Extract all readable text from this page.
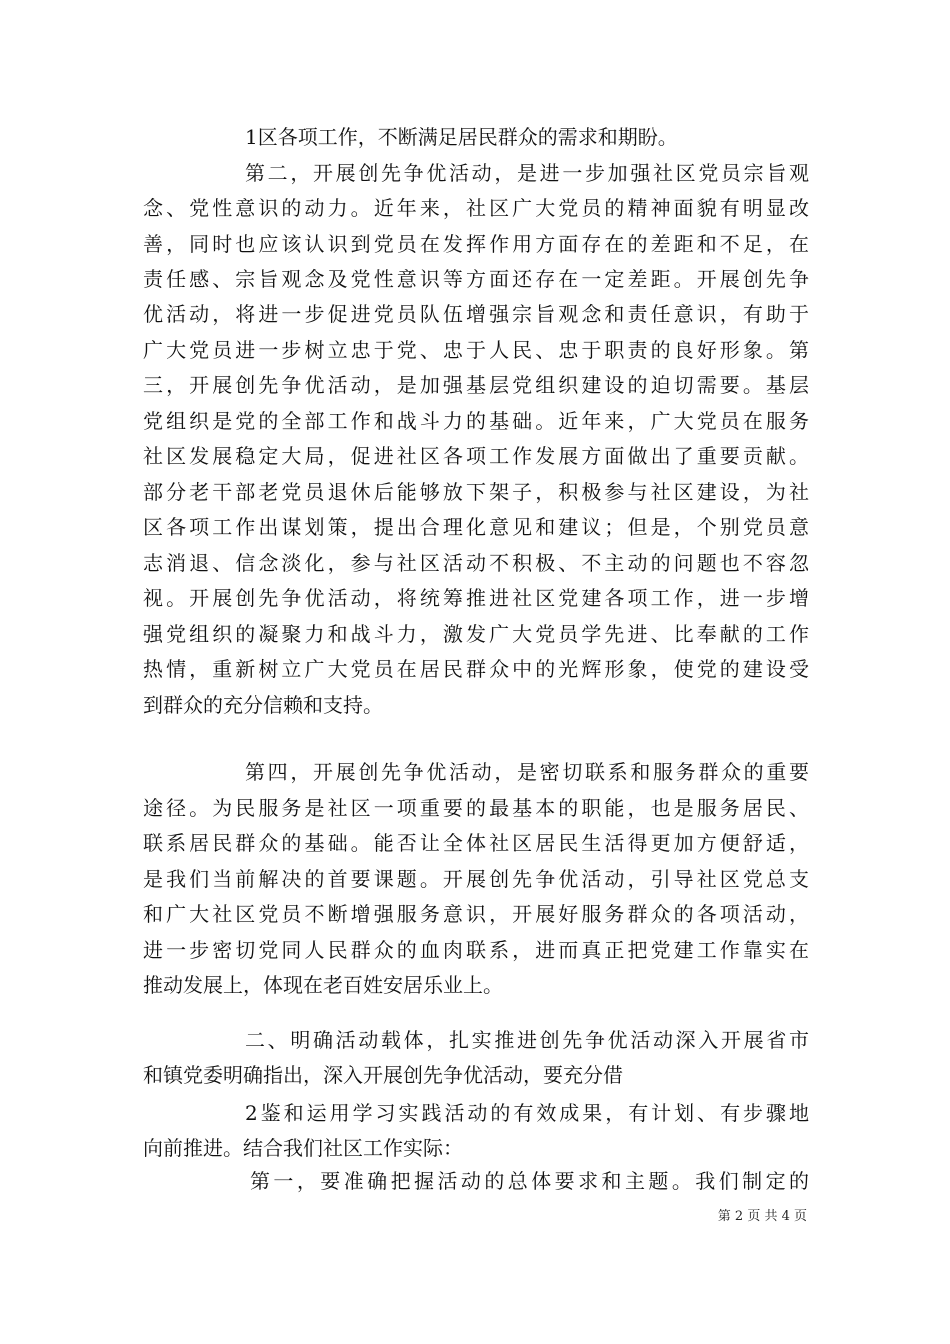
1区各项工作，不断满足居民群众的需求和期盼。
第二，开展创先争优活动，是进一步加强社区党员宗旨观
念、党性意识的动力。近年来，社区广大党员的精神面貌有明显改
善，同时也应该认识到党员在发挥作用方面存在的差距和不足，在
责任感、宗旨观念及党性意识等方面还存在一定差距。开展创先争
优活动，将进一步促进党员队伍增强宗旨观念和责任意识，有助于
广大党员进一步树立忠于党、忠于人民、忠于职责的良好形象。第
三，开展创先争优活动，是加强基层党组织建设的迫切需要。基层
党组织是党的全部工作和战斗力的基础。近年来，广大党员在服务
社区发展稳定大局，促进社区各项工作发展方面做出了重要贡献。
部分老干部老党员退休后能够放下架子，积极参与社区建设，为社
区各项工作出谋划策，提出合理化意见和建议；但是，个别党员意
志消退、信念淡化，参与社区活动不积极、不主动的问题也不容忽
视。开展创先争优活动，将统筹推进社区党建各项工作，进一步增
强党组织的凝聚力和战斗力，激发广大党员学先进、比奉献的工作
热情，重新树立广大党员在居民群众中的光辉形象，使党的建设受
到群众的充分信赖和支持。
第四，开展创先争优活动，是密切联系和服务群众的重要
途径。为民服务是社区一项重要的最基本的职能，也是服务居民、
联系居民群众的基础。能否让全体社区居民生活得更加方便舒适，
是我们当前解决的首要课题。开展创先争优活动，引导社区党总支
和广大社区党员不断增强服务意识，开展好服务群众的各项活动，
进一步密切党同人民群众的血肉联系，进而真正把党建工作靠实在
推动发展上，体现在老百姓安居乐业上。
二、明确活动载体，扎实推进创先争优活动深入开展省市
和镇党委明确指出，深入开展创先争优活动，要充分借
2鉴和运用学习实践活动的有效成果，有计划、有步骤地
向前推进。结合我们社区工作实际：
第一，要准确把握活动的总体要求和主题。我们制定的
第 2 页 共 4 页
